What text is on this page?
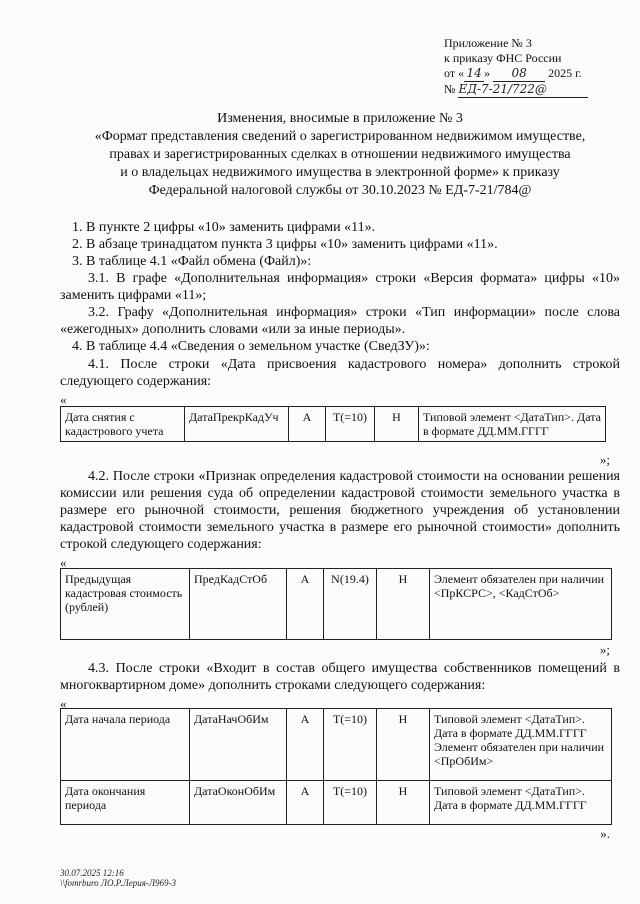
Приложение № 3
к приказу ФНС России
от « 14 » 08 2025 г.
№ ЕД-7-21/722@
Изменения, вносимые в приложение № 3
«Формат представления сведений о зарегистрированном недвижимом имуществе,
правах и зарегистрированных сделках в отношении недвижимого имущества
и о владельцах недвижимого имущества в электронной форме» к приказу
Федеральной налоговой службы от 30.10.2023 № ЕД-7-21/784@
1. В пункте 2 цифры «10» заменить цифрами «11».
2. В абзаце тринадцатом пункта 3 цифры «10» заменить цифрами «11».
3. В таблице 4.1 «Файл обмена (Файл)»:
3.1. В графе «Дополнительная информация» строки «Версия формата» цифры «10» заменить цифрами «11»;
3.2. Графу «Дополнительная информация» строки «Тип информации» после слова «ежегодных» дополнить словами «или за иные периоды».
4. В таблице 4.4 «Сведения о земельном участке (СведЗУ)»:
4.1. После строки «Дата присвоения кадастрового номера» дополнить строкой следующего содержания:
«
Дата снятия с кадастрового учета	ДатаПрекрКадУч	А	T(=10)	Н	Типовой элемент <ДатаТип>. Дата в формате ДД.ММ.ГГГГ
»;
4.2. После строки «Признак определения кадастровой стоимости на основании решения комиссии или решения суда об определении кадастровой стоимости земельного участка в размере его рыночной стоимости, решения бюджетного учреждения об установлении кадастровой стоимости земельного участка в размере его рыночной стоимости» дополнить строкой следующего содержания:
«
Предыдущая кадастровая стоимость (рублей)	ПредКадСтОб	А	N(19.4)	Н	Элемент обязателен при наличии <ПрКСРС>, <КадСтОб>
»;
4.3. После строки «Входит в состав общего имущества собственников помещений в многоквартирном доме» дополнить строками следующего содержания:
«
Дата начала периода	ДатаНачОбИм	А	T(=10)	Н	Типовой элемент <ДатаТип>. Дата в формате ДД.ММ.ГГГГ Элемент обязателен при наличии <ПрОбИм>
Дата окончания периода	ДатаОконОбИм	А	T(=10)	Н	Типовой элемент <ДатаТип>. Дата в формате ДД.ММ.ГГГГ
».
30.07.2025 12:16
\\fomrburo ЛО.Р.Лерия-Л969-3
